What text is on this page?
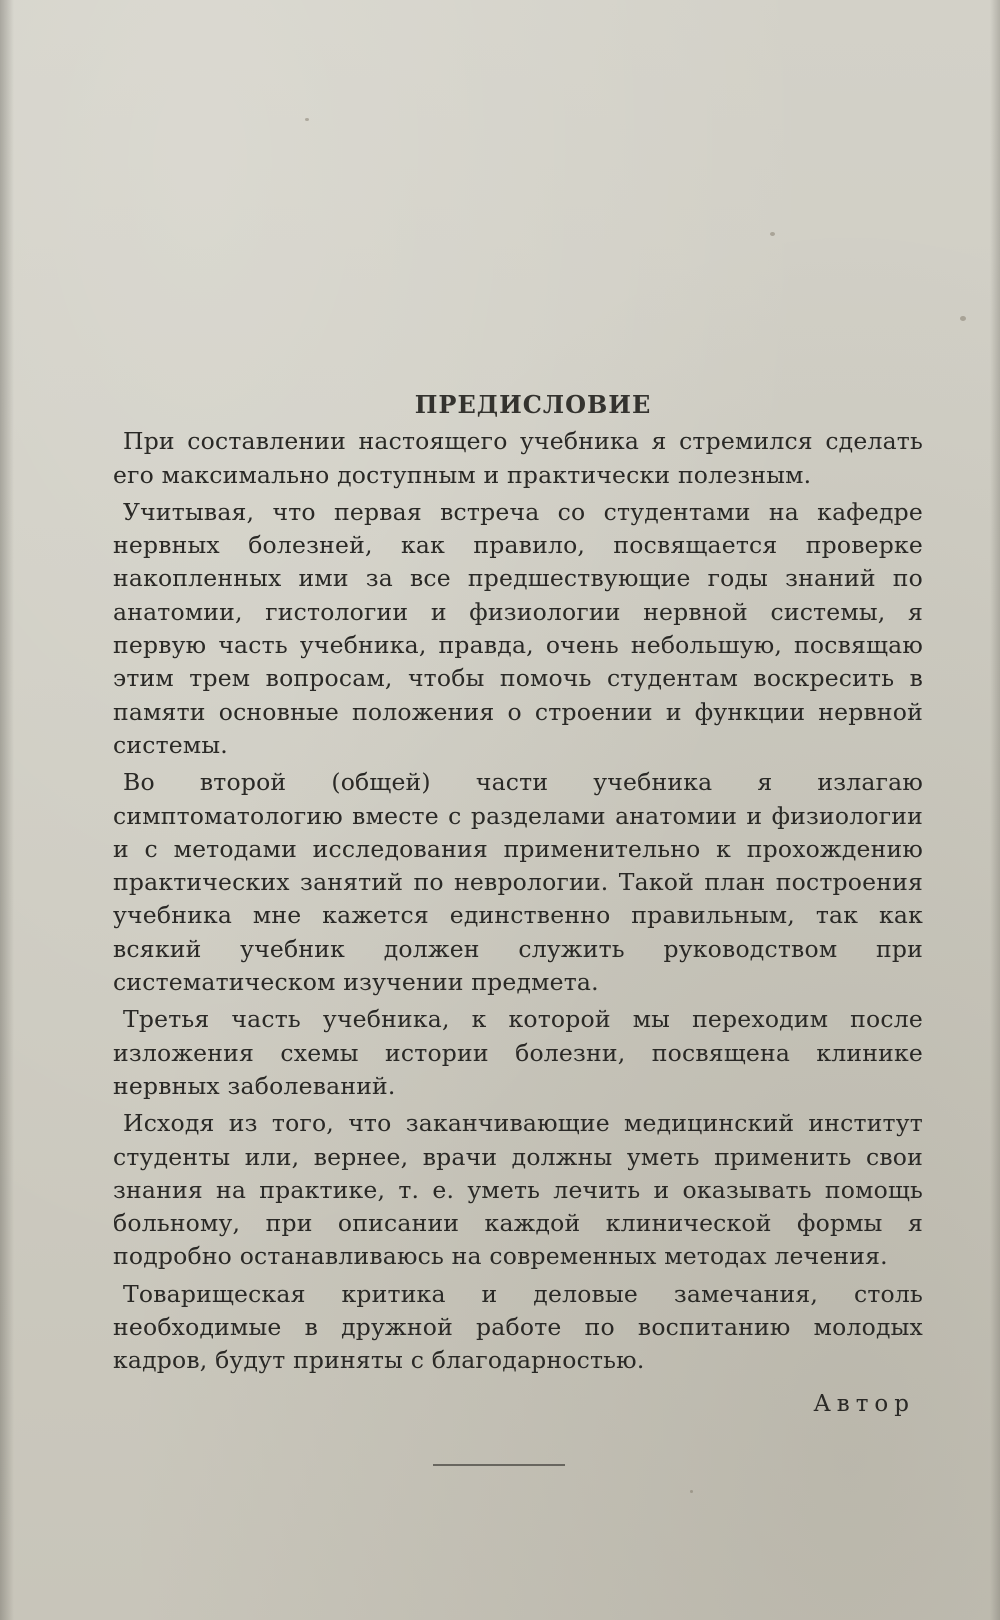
ПРЕДИСЛОВИЕ

При составлении настоящего учебника я стремился сделать его максимально доступным и практически полезным.

Учитывая, что первая встреча со студентами на кафедре нервных болезней, как правило, посвящается проверке накопленных ими за все предшествующие годы знаний по анатомии, гистологии и физиологии нервной системы, я первую часть учебника, правда, очень небольшую, посвящаю этим трем вопросам, чтобы помочь студентам воскресить в памяти основные положения о строении и функции нервной системы.

Во второй (общей) части учебника я излагаю симптоматологию вместе с разделами анатомии и физиологии и с методами исследования применительно к прохождению практических занятий по неврологии. Такой план построения учебника мне кажется единственно правильным, так как всякий учебник должен служить руководством при систематическом изучении предмета.

Третья часть учебника, к которой мы переходим после изложения схемы истории болезни, посвящена клинике нервных заболеваний.

Исходя из того, что заканчивающие медицинский институт студенты или, вернее, врачи должны уметь применить свои знания на практике, т. е. уметь лечить и оказывать помощь больному, при описании каждой клинической формы я подробно останавливаюсь на современных методах лечения.

Товарищеская критика и деловые замечания, столь необходимые в дружной работе по воспитанию молодых кадров, будут приняты с благодарностью.

Автор
